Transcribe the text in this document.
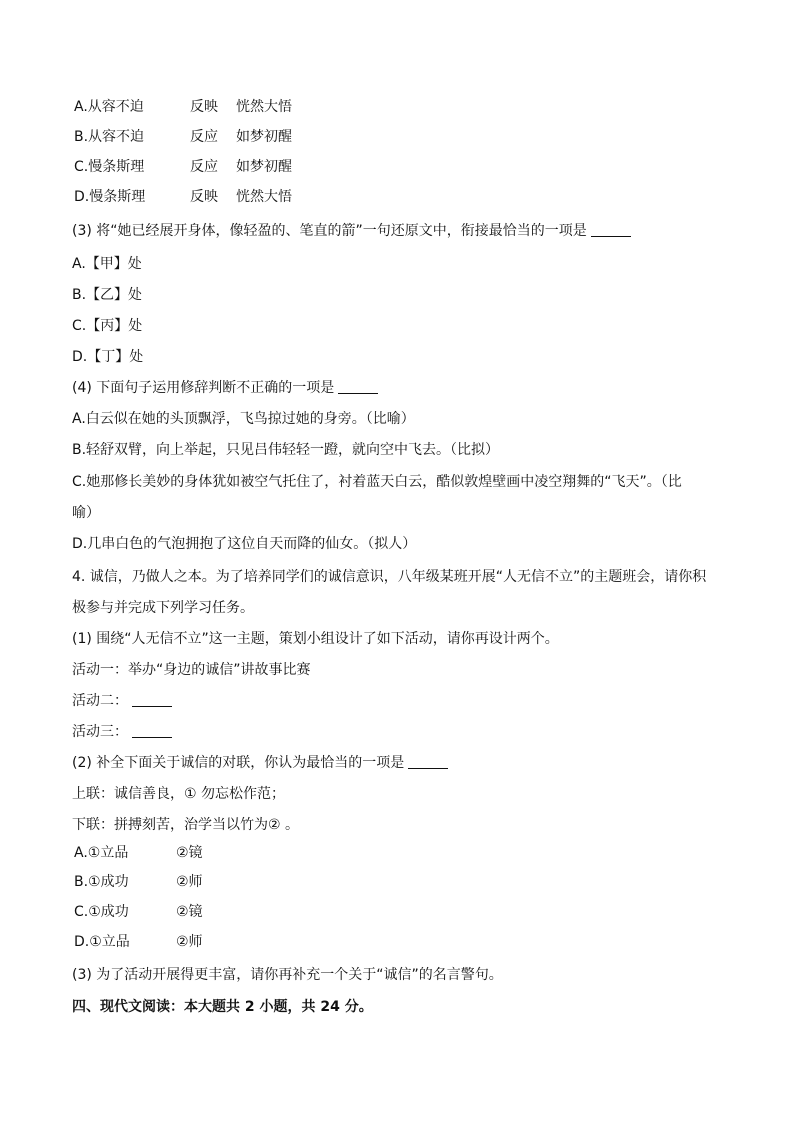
A.从容不迫	反映 恍然大悟
B.从容不迫	反应 如梦初醒
C.慢条斯理	反应 如梦初醒
D.慢条斯理	反映 恍然大悟
(3) 将“她已经展开身体，像轻盈的、笔直的箭”一句还原文中，衔接最恰当的一项是
A.【甲】处
B.【乙】处
C.【丙】处
D.【丁】处
(4) 下面句子运用修辞判断不正确的一项是
A.白云似在她的头顶飘浮，飞鸟掠过她的身旁。（比喻）
B.轻舒双臂，向上举起，只见吕伟轻轻一蹬，就向空中飞去。（比拟）
C.她那修长美妙的身体犹如被空气托住了，衬着蓝天白云，酷似敦煌壁画中凌空翔舞的“飞天”。（比
喻）
D.几串白色的气泡拥抱了这位自天而降的仙女。（拟人）
4. 诚信，乃做人之本。为了培养同学们的诚信意识，八年级某班开展“人无信不立”的主题班会，请你积
极参与并完成下列学习任务。
(1) 围绕“人无信不立”这一主题，策划小组设计了如下活动，请你再设计两个。
活动一：举办“身边的诚信”讲故事比赛
活动二：
活动三：
(2) 补全下面关于诚信的对联，你认为最恰当的一项是
上联：诚信善良，① 勿忘松作范；
下联：拼搏刻苦，治学当以竹为② 。
A.①立品	②镜
B.①成功	②师
C.①成功	②镜
D.①立品	②师
(3) 为了活动开展得更丰富，请你再补充一个关于“诚信”的名言警句。
四、现代文阅读：本大题共 2 小题，共 24 分。
